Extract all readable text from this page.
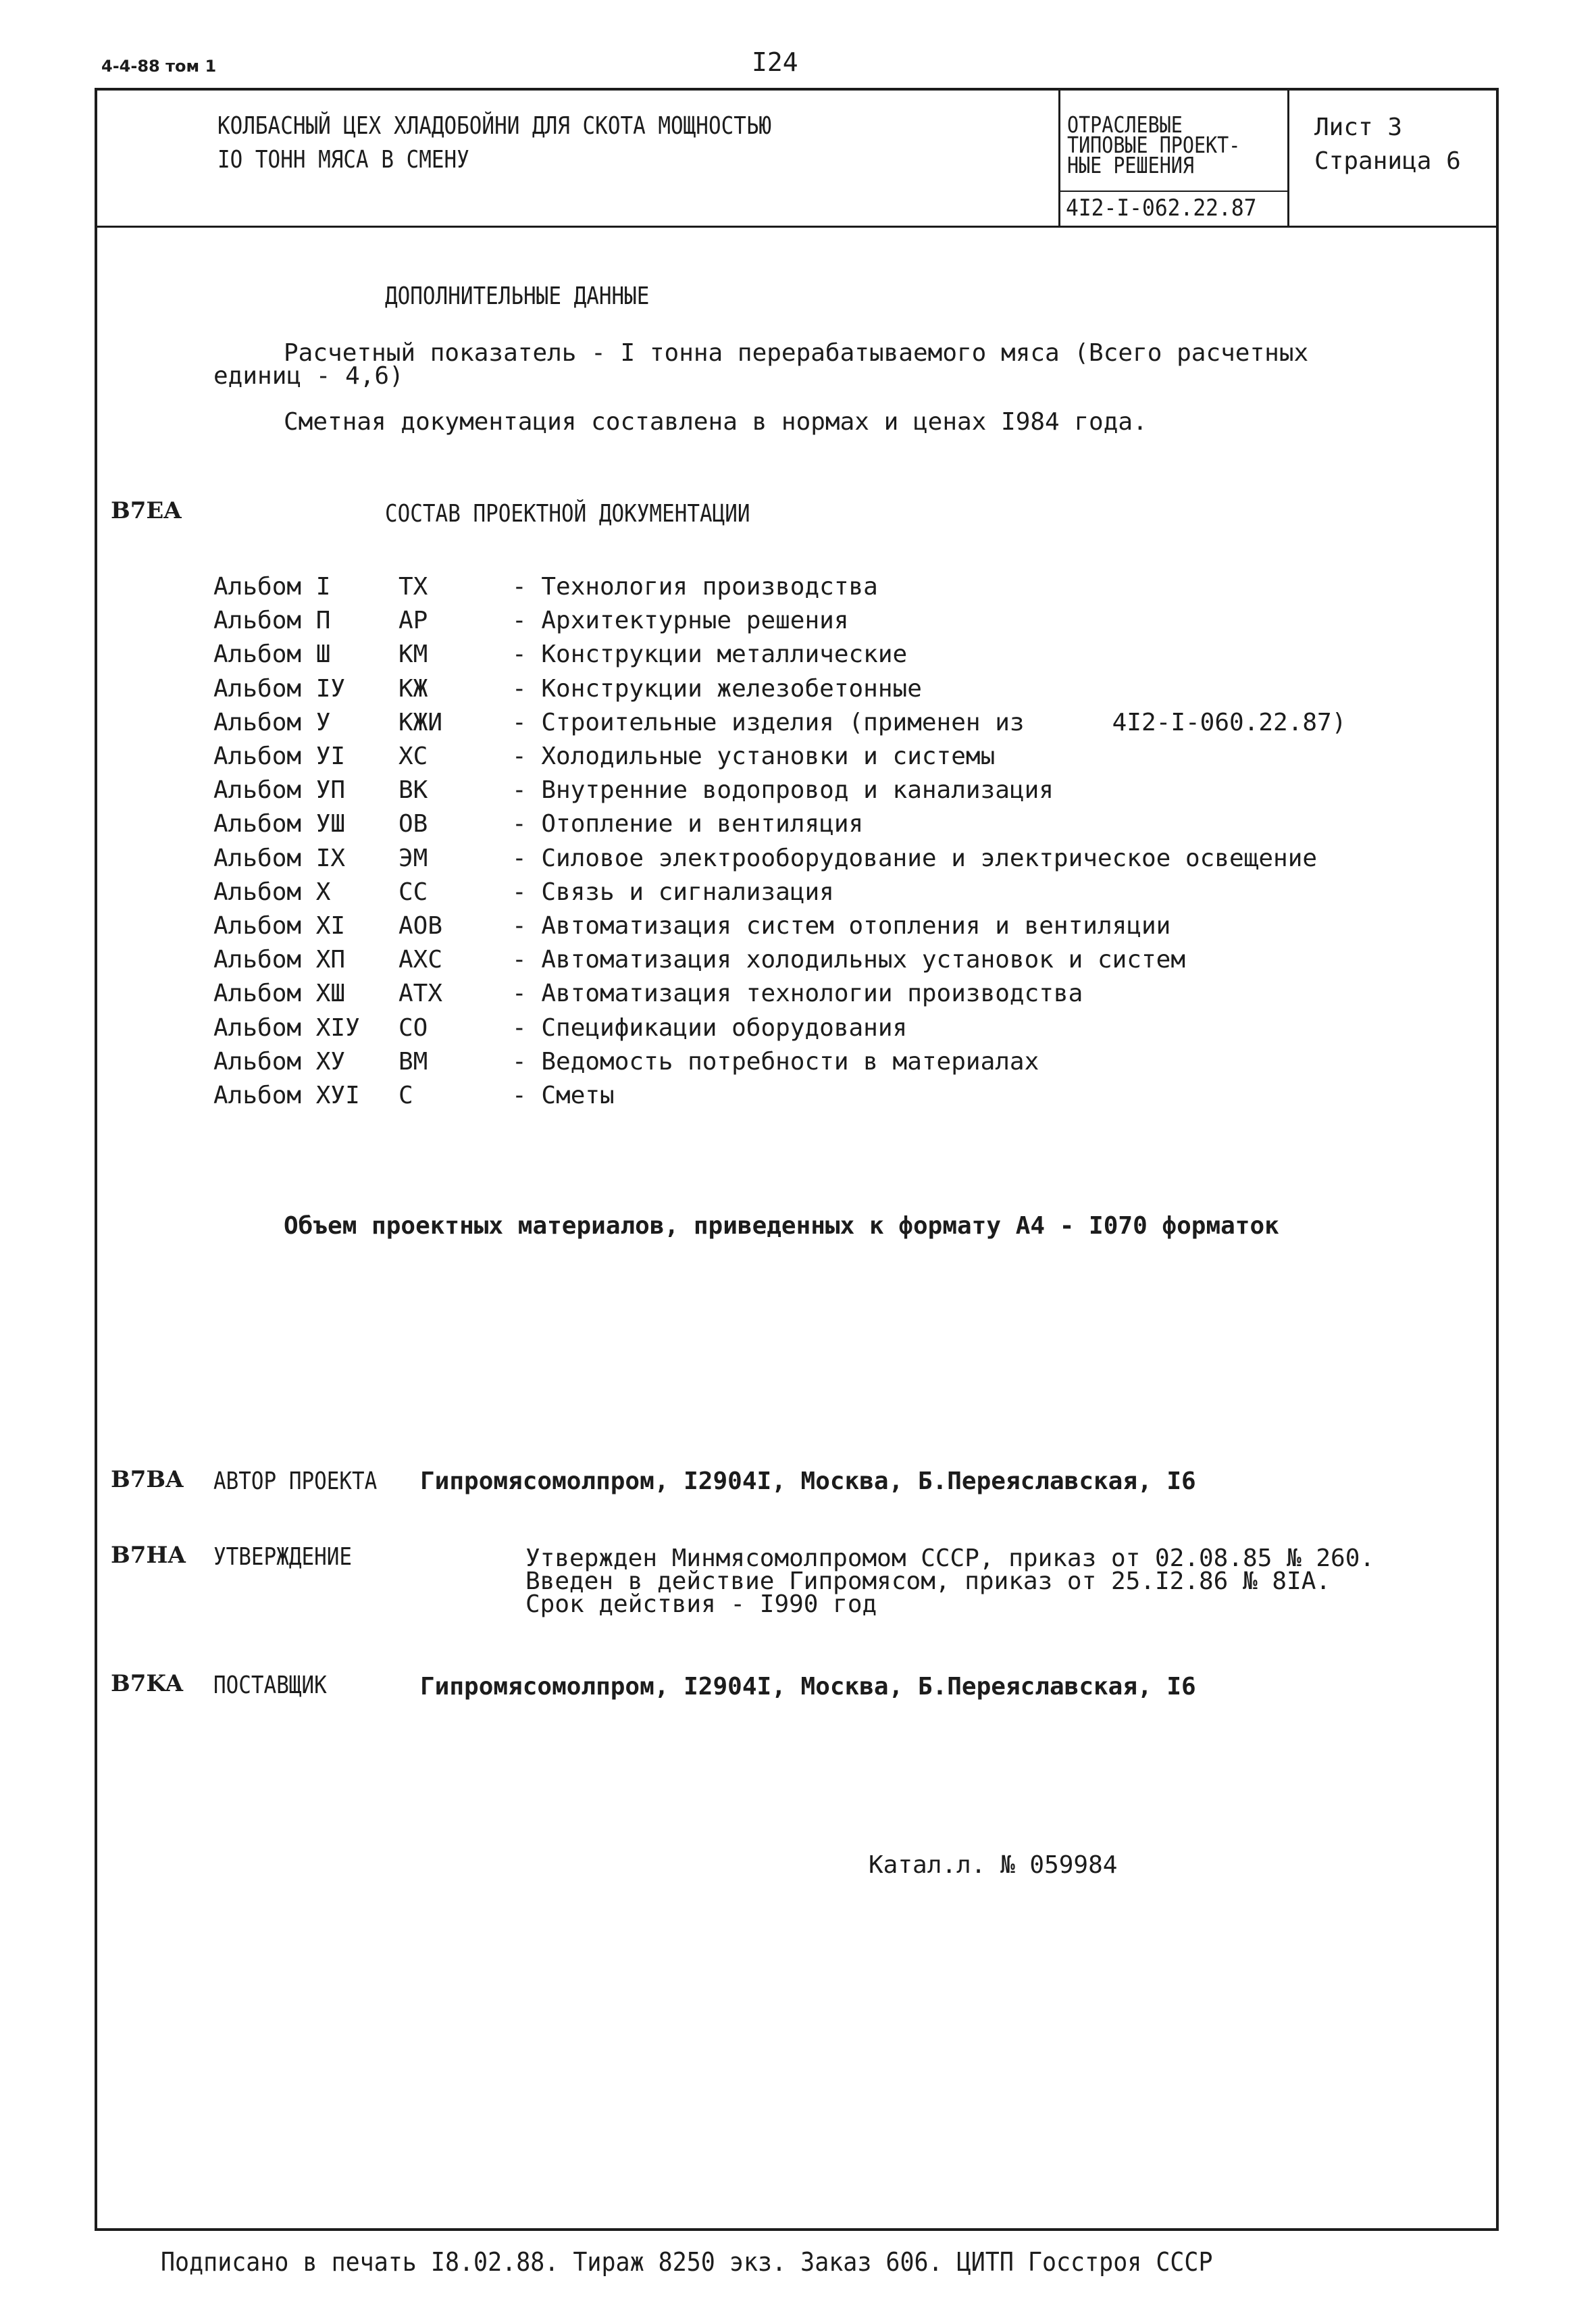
4-4-88 том 1	I24
КОЛБАСНЫЙ ЦЕХ ХЛАДОБОЙНИ ДЛЯ СКОТА МОЩНОСТЬЮ
IO ТОНН МЯСА В СМЕНУ
ОТРАСЛЕВЫЕ
ТИПОВЫЕ ПРОЕКТ-
НЫЕ РЕШЕНИЯ
4I2-I-062.22.87
Лист 3
Страница 6
ДОПОЛНИТЕЛЬНЫЕ ДАННЫЕ
Расчетный показатель - I тонна перерабатываемого мяса (Всего расчетных
единиц - 4,6)
Сметная документация составлена в нормах и ценах I984 года.
B7EA	СОСТАВ ПРОЕКТНОЙ ДОКУМЕНТАЦИИ
Альбом I	ТХ	- Технология производства
Альбом П	АР	- Архитектурные решения
Альбом Ш	КМ	- Конструкции металлические
Альбом IУ КЖ	- Конструкции железобетонные
Альбом У	КЖИ	- Строительные изделия (применен из      4I2-I-060.22.87)
Альбом УI ХС	- Холодильные установки и системы
Альбом УП ВК	- Внутренние водопровод и канализация
Альбом УШ ОВ	- Отопление и вентиляция
Альбом IX ЭМ	- Силовое электрооборудование и электрическое освещение
Альбом X	СС	- Связь и сигнализация
Альбом XI АОВ	- Автоматизация систем отопления и вентиляции
Альбом XП АХС	- Автоматизация холодильных установок и систем
Альбом XШ АТХ	- Автоматизация технологии производства
Альбом XIУ СО	- Спецификации оборудования
Альбом XУ ВМ	- Ведомость потребности в материалах
Альбом XУI С	- Сметы
Объем проектных материалов, приведенных к формату А4 - I070 форматок
B7BA АВТОР ПРОЕКТА Гипромясомолпром, I2904I, Москва, Б.Переяславская, I6
B7HA УТВЕРЖДЕНИЕ	Утвержден Минмясомолпромом СССР, приказ от 02.08.85 № 260.
Введен в действие Гипромясом, приказ от 25.I2.86 № 8IA.
Срок действия - I990 год
B7KA ПОСТАВЩИК	Гипромясомолпром, I2904I, Москва, Б.Переяславская, I6
Катал.л. № 059984
Подписано в печать I8.02.88. Тираж 8250 экз. Заказ 606. ЦИТП Госстроя СССР
